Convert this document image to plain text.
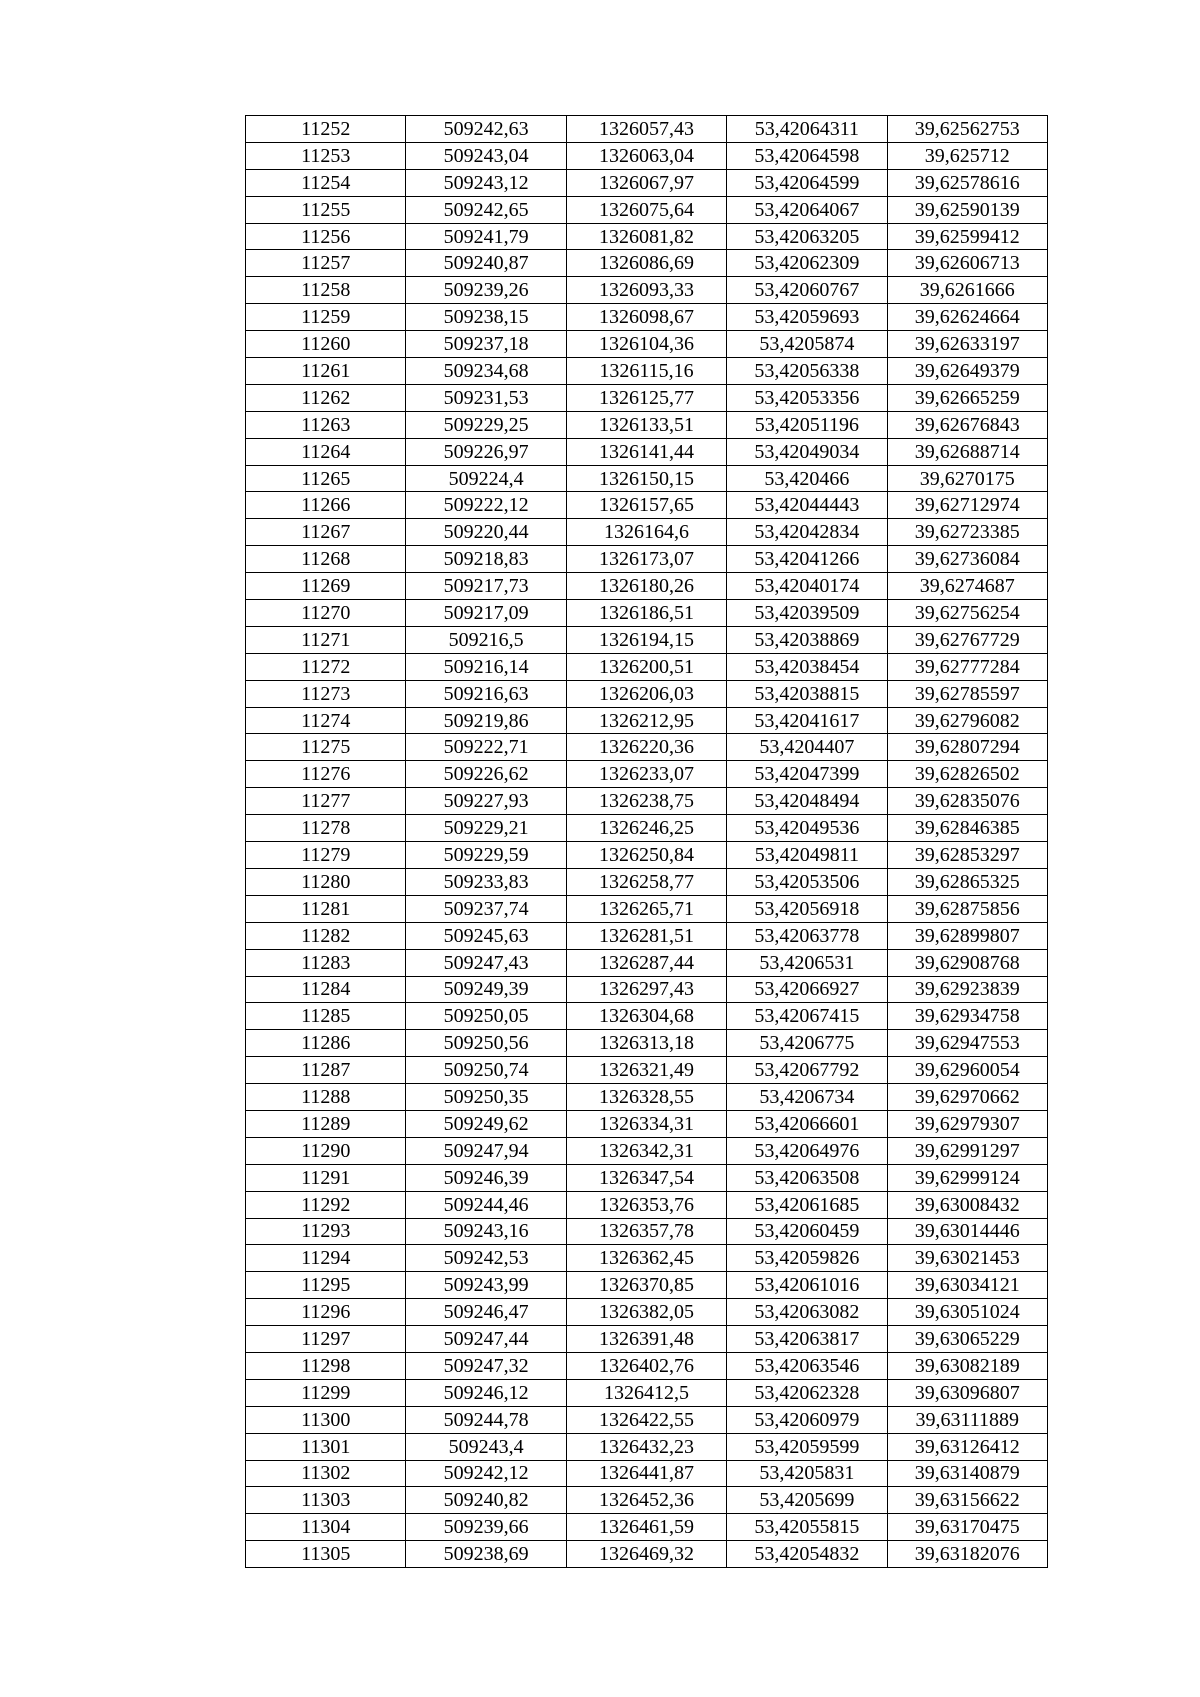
11252	509242,63	1326057,43	53,42064311	39,62562753
11253	509243,04	1326063,04	53,42064598	39,625712
11254	509243,12	1326067,97	53,42064599	39,62578616
11255	509242,65	1326075,64	53,42064067	39,62590139
11256	509241,79	1326081,82	53,42063205	39,62599412
11257	509240,87	1326086,69	53,42062309	39,62606713
11258	509239,26	1326093,33	53,42060767	39,6261666
11259	509238,15	1326098,67	53,42059693	39,62624664
11260	509237,18	1326104,36	53,4205874	39,62633197
11261	509234,68	1326115,16	53,42056338	39,62649379
11262	509231,53	1326125,77	53,42053356	39,62665259
11263	509229,25	1326133,51	53,42051196	39,62676843
11264	509226,97	1326141,44	53,42049034	39,62688714
11265	509224,4	1326150,15	53,420466	39,6270175
11266	509222,12	1326157,65	53,42044443	39,62712974
11267	509220,44	1326164,6	53,42042834	39,62723385
11268	509218,83	1326173,07	53,42041266	39,62736084
11269	509217,73	1326180,26	53,42040174	39,6274687
11270	509217,09	1326186,51	53,42039509	39,62756254
11271	509216,5	1326194,15	53,42038869	39,62767729
11272	509216,14	1326200,51	53,42038454	39,62777284
11273	509216,63	1326206,03	53,42038815	39,62785597
11274	509219,86	1326212,95	53,42041617	39,62796082
11275	509222,71	1326220,36	53,4204407	39,62807294
11276	509226,62	1326233,07	53,42047399	39,62826502
11277	509227,93	1326238,75	53,42048494	39,62835076
11278	509229,21	1326246,25	53,42049536	39,62846385
11279	509229,59	1326250,84	53,42049811	39,62853297
11280	509233,83	1326258,77	53,42053506	39,62865325
11281	509237,74	1326265,71	53,42056918	39,62875856
11282	509245,63	1326281,51	53,42063778	39,62899807
11283	509247,43	1326287,44	53,4206531	39,62908768
11284	509249,39	1326297,43	53,42066927	39,62923839
11285	509250,05	1326304,68	53,42067415	39,62934758
11286	509250,56	1326313,18	53,4206775	39,62947553
11287	509250,74	1326321,49	53,42067792	39,62960054
11288	509250,35	1326328,55	53,4206734	39,62970662
11289	509249,62	1326334,31	53,42066601	39,62979307
11290	509247,94	1326342,31	53,42064976	39,62991297
11291	509246,39	1326347,54	53,42063508	39,62999124
11292	509244,46	1326353,76	53,42061685	39,63008432
11293	509243,16	1326357,78	53,42060459	39,63014446
11294	509242,53	1326362,45	53,42059826	39,63021453
11295	509243,99	1326370,85	53,42061016	39,63034121
11296	509246,47	1326382,05	53,42063082	39,63051024
11297	509247,44	1326391,48	53,42063817	39,63065229
11298	509247,32	1326402,76	53,42063546	39,63082189
11299	509246,12	1326412,5	53,42062328	39,63096807
11300	509244,78	1326422,55	53,42060979	39,63111889
11301	509243,4	1326432,23	53,42059599	39,63126412
11302	509242,12	1326441,87	53,4205831	39,63140879
11303	509240,82	1326452,36	53,4205699	39,63156622
11304	509239,66	1326461,59	53,42055815	39,63170475
11305	509238,69	1326469,32	53,42054832	39,63182076
